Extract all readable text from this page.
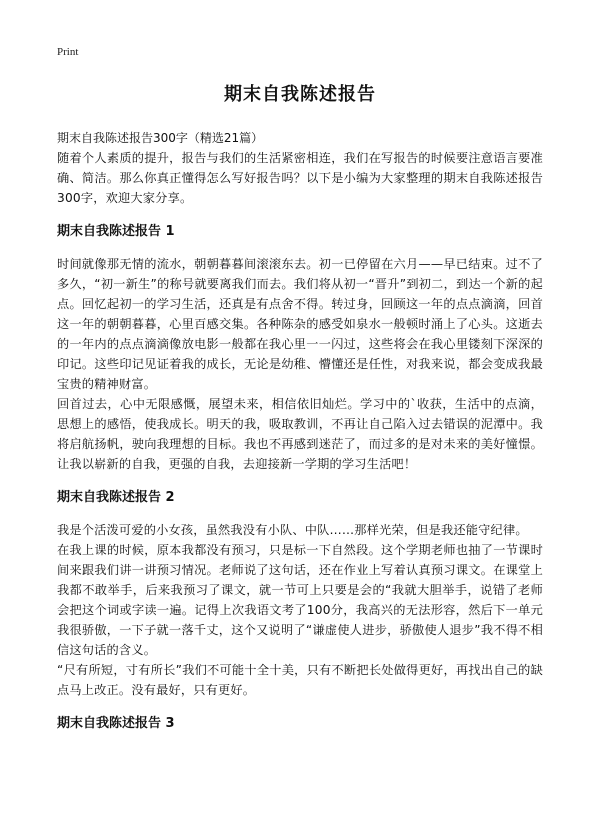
Print
期末自我陈述报告
期末自我陈述报告300字（精选21篇）

随着个人素质的提升，报告与我们的生活紧密相连，我们在写报告的时候要注意语言要准确、简洁。那么你真正懂得怎么写好报告吗？以下是小编为大家整理的期末自我陈述报告300字，欢迎大家分享。

期末自我陈述报告 1

时间就像那无情的流水，朝朝暮暮间滚滚东去。初一已停留在六月——早已结束。过不了多久，“初一新生”的称号就要离我们而去。我们将从初一“晋升”到初二，到达一个新的起点。回忆起初一的学习生活，还真是有点舍不得。转过身，回顾这一年的点点滴滴，回首这一年的朝朝暮暮，心里百感交集。各种陈杂的感受如泉水一般顿时涌上了心头。这逝去的一年内的点点滴滴像放电影一般都在我心里一一闪过，这些将会在我心里镂刻下深深的印记。这些印记见证着我的成长，无论是幼稚、懵懂还是任性，对我来说，都会变成我最宝贵的精神财富。

回首过去，心中无限感慨，展望未来，相信依旧灿烂。学习中的`收获，生活中的点滴，思想上的感悟，使我成长。明天的我，吸取教训，不再让自己陷入过去错误的泥潭中。我将启航扬帆，驶向我理想的目标。我也不再感到迷茫了，而过多的是对未来的美好憧憬。让我以崭新的自我，更强的自我，去迎接新一学期的学习生活吧！

期末自我陈述报告 2

我是个活泼可爱的小女孩，虽然我没有小队、中队……那样光荣，但是我还能守纪律。

在我上课的时候，原本我都没有预习，只是标一下自然段。这个学期老师也抽了一节课时间来跟我们讲一讲预习情况。老师说了这句话，还在作业上写着认真预习课文。在课堂上我都不敢举手，后来我预习了课文，就一节可上只要是会的“我就大胆举手，说错了老师会把这个词或字读一遍。记得上次我语文考了100分，我高兴的无法形容，然后下一单元我很骄傲，一下子就一落千丈，这个又说明了“谦虚使人进步，骄傲使人退步”我不得不相信这句话的含义。

“尺有所短，寸有所长”我们不可能十全十美，只有不断把长处做得更好，再找出自己的缺点马上改正。没有最好，只有更好。

期末自我陈述报告 3
